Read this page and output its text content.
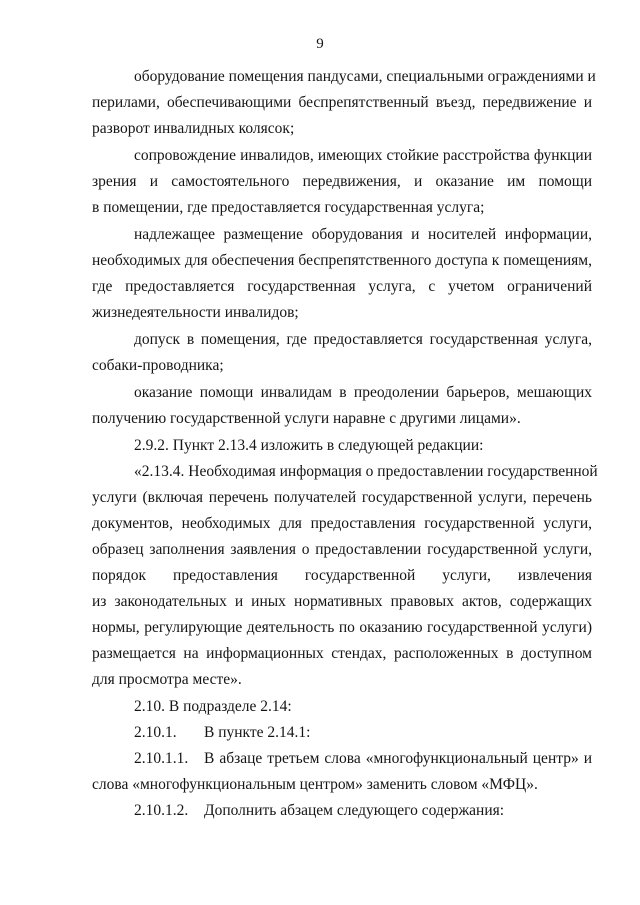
9
оборудование помещения пандусами, специальными ограждениями и
перилами, обеспечивающими беспрепятственный въезд, передвижение и
разворот инвалидных колясок;
сопровождение инвалидов, имеющих стойкие расстройства функции
зрения и самостоятельного передвижения, и оказание им помощи
в помещении, где предоставляется государственная услуга;
надлежащее размещение оборудования и носителей информации,
необходимых для обеспечения беспрепятственного доступа к помещениям,
где предоставляется государственная услуга, с учетом ограничений
жизнедеятельности инвалидов;
допуск в помещения, где предоставляется государственная услуга,
собаки-проводника;
оказание помощи инвалидам в преодолении барьеров, мешающих
получению государственной услуги наравне с другими лицами».
2.9.2. Пункт 2.13.4 изложить в следующей редакции:
«2.13.4. Необходимая информация о предоставлении государственной
услуги (включая перечень получателей государственной услуги, перечень
документов, необходимых для предоставления государственной услуги,
образец заполнения заявления о предоставлении государственной услуги,
порядок предоставления государственной услуги, извлечения
из законодательных и иных нормативных правовых актов, содержащих
нормы, регулирующие деятельность по оказанию государственной услуги)
размещается на информационных стендах, расположенных в доступном
для просмотра месте».
2.10. В подразделе 2.14:
2.10.1. В пункте 2.14.1:
2.10.1.1. В абзаце третьем слова «многофункциональный центр» и
слова «многофункциональным центром» заменить словом «МФЦ».
2.10.1.2. Дополнить абзацем следующего содержания:
